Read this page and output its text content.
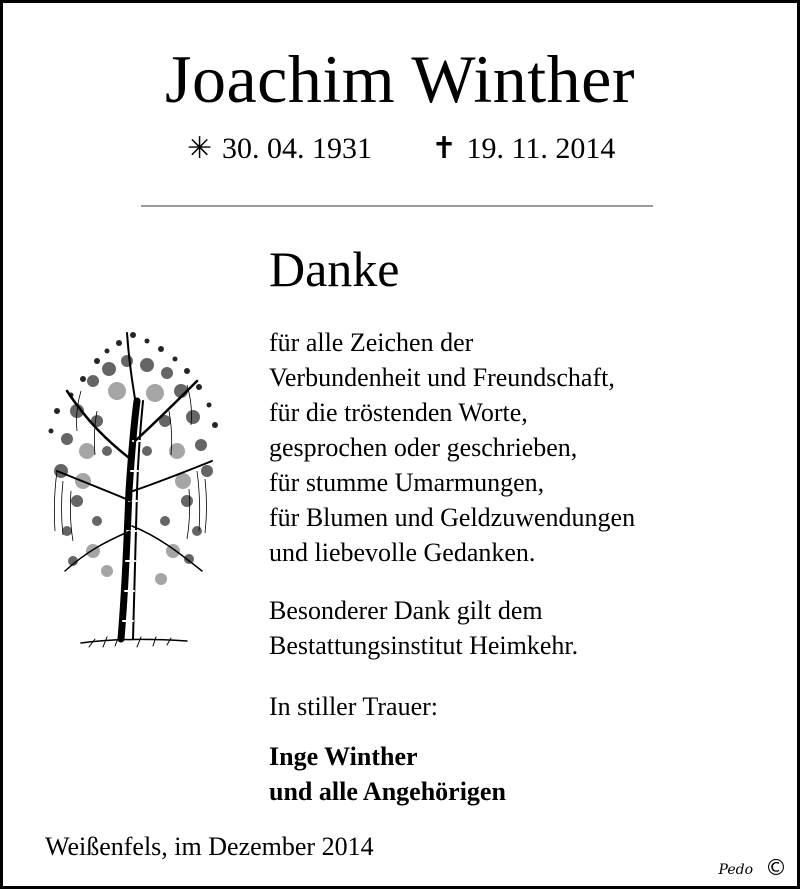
Joachim Winther
✳ 30. 04. 1931 ✝ 19. 11. 2014
Danke
für alle Zeichen der
Verbundenheit und Freundschaft,
für die tröstenden Worte,
gesprochen oder geschrieben,
für stumme Umarmungen,
für Blumen und Geldzuwendungen
und liebevolle Gedanken.
Besonderer Dank gilt dem
Bestattungsinstitut Heimkehr.
In stiller Trauer:
Inge Winther
und alle Angehörigen
Weißenfels, im Dezember 2014
Pedo ©
